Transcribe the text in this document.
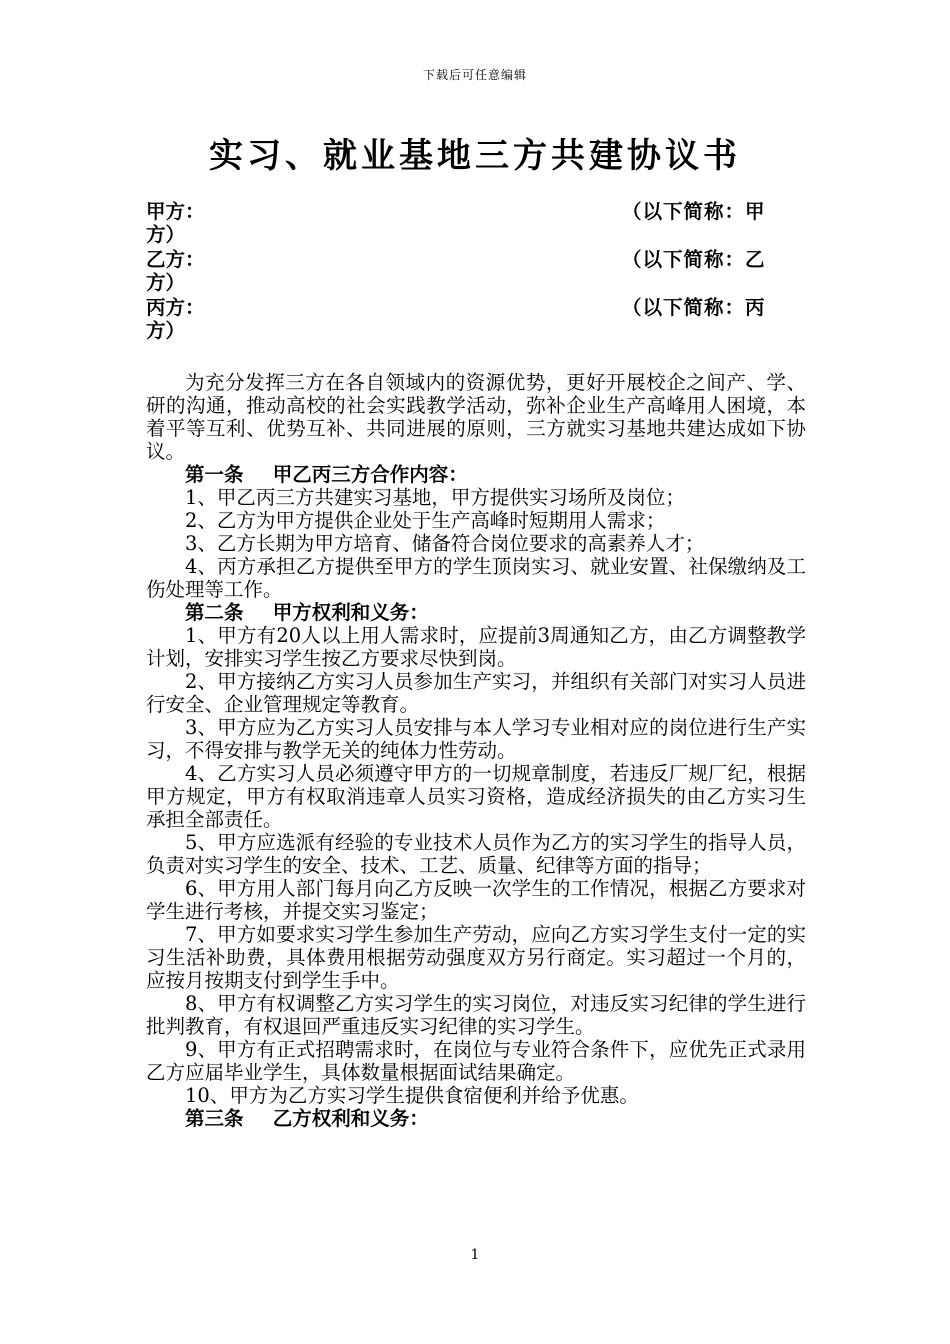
下载后可任意编辑
实习、就业基地三方共建协议书
甲方：	（以下简称：甲
方）
乙方：	（以下简称：乙
方）
丙方：	（以下简称：丙
方）

为充分发挥三方在各自领域内的资源优势，更好开展校企之间产、学、研的沟通，推动高校的社会实践教学活动，弥补企业生产高峰用人困境，本着平等互利、优势互补、共同进展的原则，三方就实习基地共建达成如下协议。

第一条 甲乙丙三方合作内容：

1、甲乙丙三方共建实习基地，甲方提供实习场所及岗位；

2、乙方为甲方提供企业处于生产高峰时短期用人需求；

3、乙方长期为甲方培育、储备符合岗位要求的高素养人才；

4、丙方承担乙方提供至甲方的学生顶岗实习、就业安置、社保缴纳及工伤处理等工作。

第二条 甲方权利和义务：

1、甲方有20人以上用人需求时，应提前3周通知乙方，由乙方调整教学计划，安排实习学生按乙方要求尽快到岗。

2、甲方接纳乙方实习人员参加生产实习，并组织有关部门对实习人员进行安全、企业管理规定等教育。

3、甲方应为乙方实习人员安排与本人学习专业相对应的岗位进行生产实习，不得安排与教学无关的纯体力性劳动。

4、乙方实习人员必须遵守甲方的一切规章制度，若违反厂规厂纪，根据甲方规定，甲方有权取消违章人员实习资格，造成经济损失的由乙方实习生承担全部责任。

5、甲方应选派有经验的专业技术人员作为乙方的实习学生的指导人员，负责对实习学生的安全、技术、工艺、质量、纪律等方面的指导；

6、甲方用人部门每月向乙方反映一次学生的工作情况，根据乙方要求对学生进行考核，并提交实习鉴定；

7、甲方如要求实习学生参加生产劳动，应向乙方实习学生支付一定的实习生活补助费，具体费用根据劳动强度双方另行商定。实习超过一个月的，应按月按期支付到学生手中。

8、甲方有权调整乙方实习学生的实习岗位，对违反实习纪律的学生进行批判教育，有权退回严重违反实习纪律的实习学生。

9、甲方有正式招聘需求时，在岗位与专业符合条件下，应优先正式录用乙方应届毕业学生，具体数量根据面试结果确定。

10、甲方为乙方实习学生提供食宿便利并给予优惠。

第三条 乙方权利和义务：
1
